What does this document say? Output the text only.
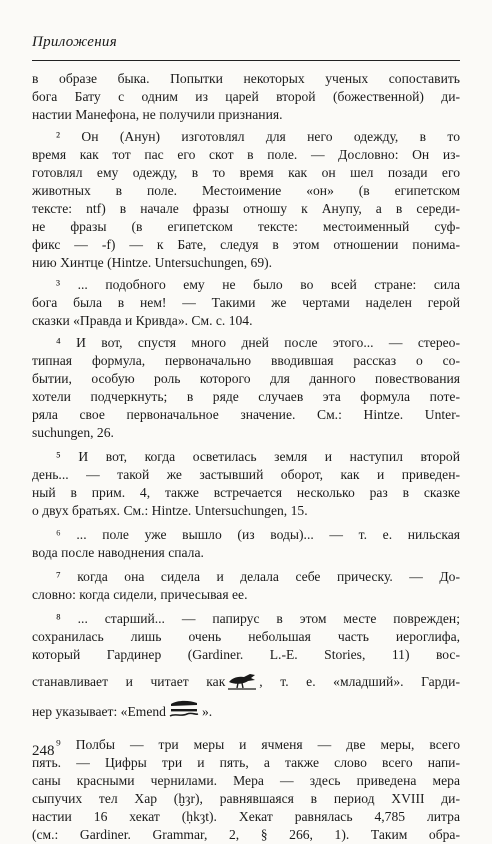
Приложения
в образе быка. Попытки некоторых ученых сопоставить
бога Бату с одним из царей второй (божественной) ди-
настии Манефона, не получили признания.
² Он (Анун) изготовлял для него одежду, в то
время как тот пас его скот в поле. — Дословно: Он из-
готовлял ему одежду, в то время как он шел позади его
животных в поле. Местоимение «он» (в египетском
тексте: ntf) в начале фразы отношу к Анупу, а в середи-
не фразы (в египетском тексте: местоименный суф-
фикс — -f) — к Бате, следуя в этом отношении понима-
нию Хинтце (Hintze. Untersuchungen, 69).
³ ... подобного ему не было во всей стране: сила
бога была в нем! — Такими же чертами наделен герой
сказки «Правда и Кривда». См. с. 104.
⁴ И вот, спустя много дней после этого... — стерео-
типная формула, первоначально вводившая рассказ о со-
бытии, особую роль которого для данного повествования
хотели подчеркнуть; в ряде случаев эта формула поте-
ряла свое первоначальное значение. См.: Hintze. Unter-
suchungen, 26.
⁵ И вот, когда осветилась земля и наступил второй
день... — такой же застывший оборот, как и приведен-
ный в прим. 4, также встречается несколько раз в сказке
о двух братьях. См.: Hintze. Untersuchungen, 15.
⁶ ... поле уже вышло (из воды)... — т. е. нильская
вода после наводнения спала.
⁷ когда она сидела и делала себе прическу. — До-
словно: когда сидели, причесывая ее.
⁸ ... старший... — папирус в этом месте поврежден;
сохранилась лишь очень небольшая часть иероглифа,
который Гардинер (Gardiner. L.-E. Stories, 11) вос-
станавливает и читает как	, т. е. «младший». Гарди-
нер указывает: «Emend	».
⁹ Полбы — три меры и ячменя — две меры, всего
пять. — Цифры три и пять, а также слово всего напи-
саны красными чернилами. Мера — здесь приведена мера
сыпучих тел Хар (ḫȝr), равнявшаяся в период XVIII ди-
настии 16 хекат (ḥkȝt). Хекат равнялась 4,785 литра
(см.: Gardiner. Grammar, 2, § 266, 1). Таким обра-
248
